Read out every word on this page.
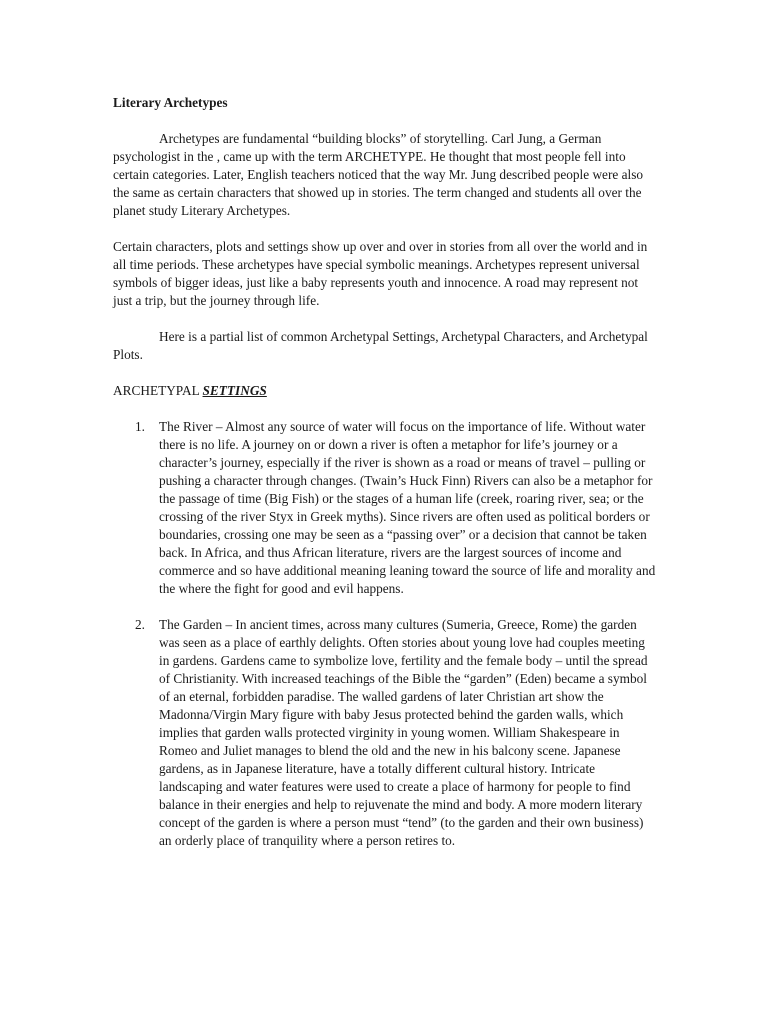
Literary Archetypes

Archetypes are fundamental “building blocks” of storytelling. Carl Jung, a German psychologist in the , came up with the term ARCHETYPE. He thought that most people fell into certain categories. Later, English teachers noticed that the way Mr. Jung described people were also the same as certain characters that showed up in stories. The term changed and students all over the planet study Literary Archetypes.

Certain characters, plots and settings show up over and over in stories from all over the world and in all time periods. These archetypes have special symbolic meanings. Archetypes represent universal symbols of bigger ideas, just like a baby represents youth and innocence. A road may represent not just a trip, but the journey through life.

Here is a partial list of common Archetypal Settings, Archetypal Characters, and Archetypal Plots.

ARCHETYPAL SETTINGS
1. The River – Almost any source of water will focus on the importance of life. Without water there is no life. A journey on or down a river is often a metaphor for life’s journey or a character’s journey, especially if the river is shown as a road or means of travel – pulling or pushing a character through changes. (Twain’s Huck Finn) Rivers can also be a metaphor for the passage of time (Big Fish) or the stages of a human life (creek, roaring river, sea; or the crossing of the river Styx in Greek myths). Since rivers are often used as political borders or boundaries, crossing one may be seen as a “passing over” or a decision that cannot be taken back. In Africa, and thus African literature, rivers are the largest sources of income and commerce and so have additional meaning leaning toward the source of life and morality and the where the fight for good and evil happens.
2. The Garden – In ancient times, across many cultures (Sumeria, Greece, Rome) the garden was seen as a place of earthly delights. Often stories about young love had couples meeting in gardens. Gardens came to symbolize love, fertility and the female body – until the spread of Christianity. With increased teachings of the Bible the “garden” (Eden) became a symbol of an eternal, forbidden paradise. The walled gardens of later Christian art show the Madonna/Virgin Mary figure with baby Jesus protected behind the garden walls, which implies that garden walls protected virginity in young women. William Shakespeare in Romeo and Juliet manages to blend the old and the new in his balcony scene. Japanese gardens, as in Japanese literature, have a totally different cultural history. Intricate landscaping and water features were used to create a place of harmony for people to find balance in their energies and help to rejuvenate the mind and body. A more modern literary concept of the garden is where a person must “tend” (to the garden and their own business) an orderly place of tranquility where a person retires to.
